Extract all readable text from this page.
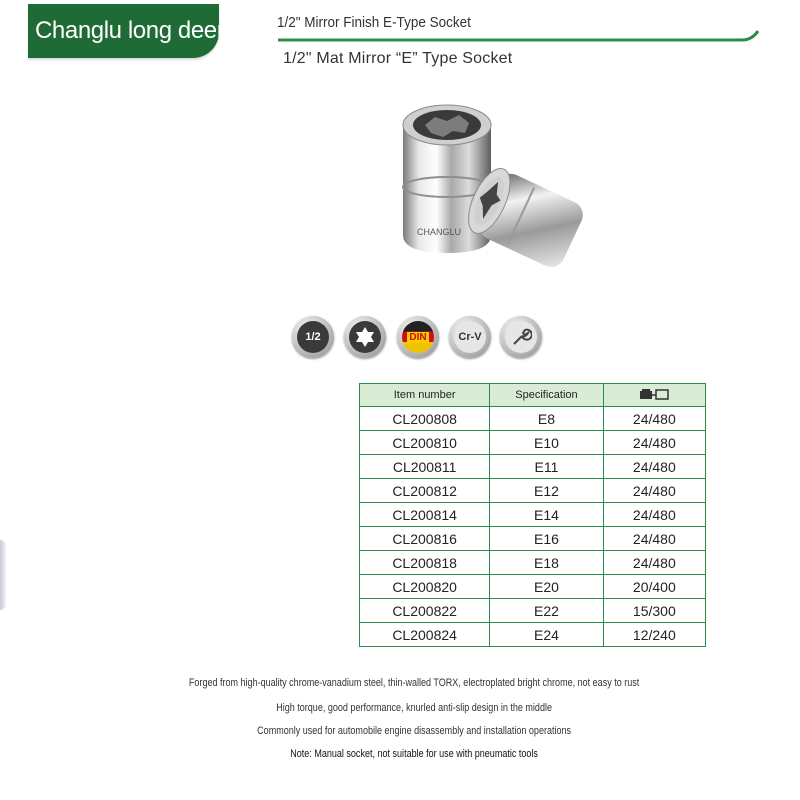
Changlu long deer	1/2" Mirror Finish E-Type Socket
1/2" Mat Mirror “E” Type Socket
CHANGLU
1/2	DIN	Cr-V
Item number	Specification	
CL200808	E8	24/480
CL200810	E10	24/480
CL200811	E11	24/480
CL200812	E12	24/480
CL200814	E14	24/480
CL200816	E16	24/480
CL200818	E18	24/480
CL200820	E20	20/400
CL200822	E22	15/300
CL200824	E24	12/240
Forged from high-quality chrome-vanadium steel, thin-walled TORX, electroplated bright chrome, not easy to rust
High torque, good performance, knurled anti-slip design in the middle
Commonly used for automobile engine disassembly and installation operations
Note: Manual socket, not suitable for use with pneumatic tools
